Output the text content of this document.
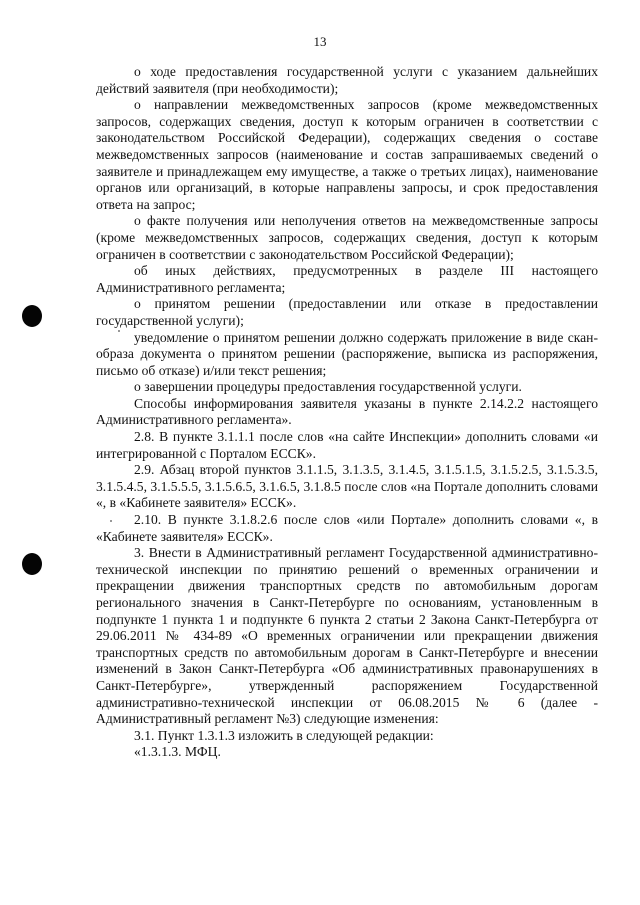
13

о ходе предоставления государственной услуги с указанием дальнейших действий заявителя (при необходимости);

о направлении межведомственных запросов (кроме межведомственных запросов, содержащих сведения, доступ к которым ограничен в соответствии с законодательством Российской Федерации), содержащих сведения о составе межведомственных запросов (наименование и состав запрашиваемых сведений о заявителе и принадлежащем ему имуществе, а также о третьих лицах), наименование органов или организаций, в которые направлены запросы, и срок предоставления ответа на запрос;

о факте получения или неполучения ответов на межведомственные запросы (кроме межведомственных запросов, содержащих сведения, доступ к которым ограничен в соответствии с законодательством Российской Федерации);

об иных действиях, предусмотренных в разделе III настоящего Административного регламента;

о принятом решении (предоставлении или отказе в предоставлении государственной услуги);

уведомление о принятом решении должно содержать приложение в виде скан-образа документа о принятом решении (распоряжение, выписка из распоряжения, письмо об отказе) и/или текст решения;

о завершении процедуры предоставления государственной услуги.

Способы информирования заявителя указаны в пункте 2.14.2.2 настоящего Административного регламента».

2.8. В пункте 3.1.1.1 после слов «на сайте Инспекции» дополнить словами «и интегрированной с Порталом ЕССК».

2.9. Абзац второй пунктов 3.1.1.5, 3.1.3.5, 3.1.4.5, 3.1.5.1.5, 3.1.5.2.5, 3.1.5.3.5, 3.1.5.4.5, 3.1.5.5.5, 3.1.5.6.5, 3.1.6.5, 3.1.8.5 после слов «на Портале дополнить словами «, в «Кабинете заявителя» ЕССК».

2.10. В пункте 3.1.8.2.6 после слов «или Портале» дополнить словами «, в «Кабинете заявителя» ЕССК».

3. Внести в Административный регламент Государственной административно-технической инспекции по принятию решений о временных ограничении и прекращении движения транспортных средств по автомобильным дорогам регионального значения в Санкт-Петербурге по основаниям, установленным в подпункте 1 пункта 1 и подпункте 6 пункта 2 статьи 2 Закона Санкт-Петербурга от 29.06.2011 № 434-89 «О временных ограничении или прекращении движения транспортных средств по автомобильным дорогам в Санкт-Петербурге и внесении изменений в Закон Санкт-Петербурга «Об административных правонарушениях в Санкт-Петербурге», утвержденный распоряжением Государственной административно-технической инспекции от 06.08.2015 № 6 (далее - Административный регламент №3) следующие изменения:

3.1. Пункт 1.3.1.3 изложить в следующей редакции:

«1.3.1.3. МФЦ.
